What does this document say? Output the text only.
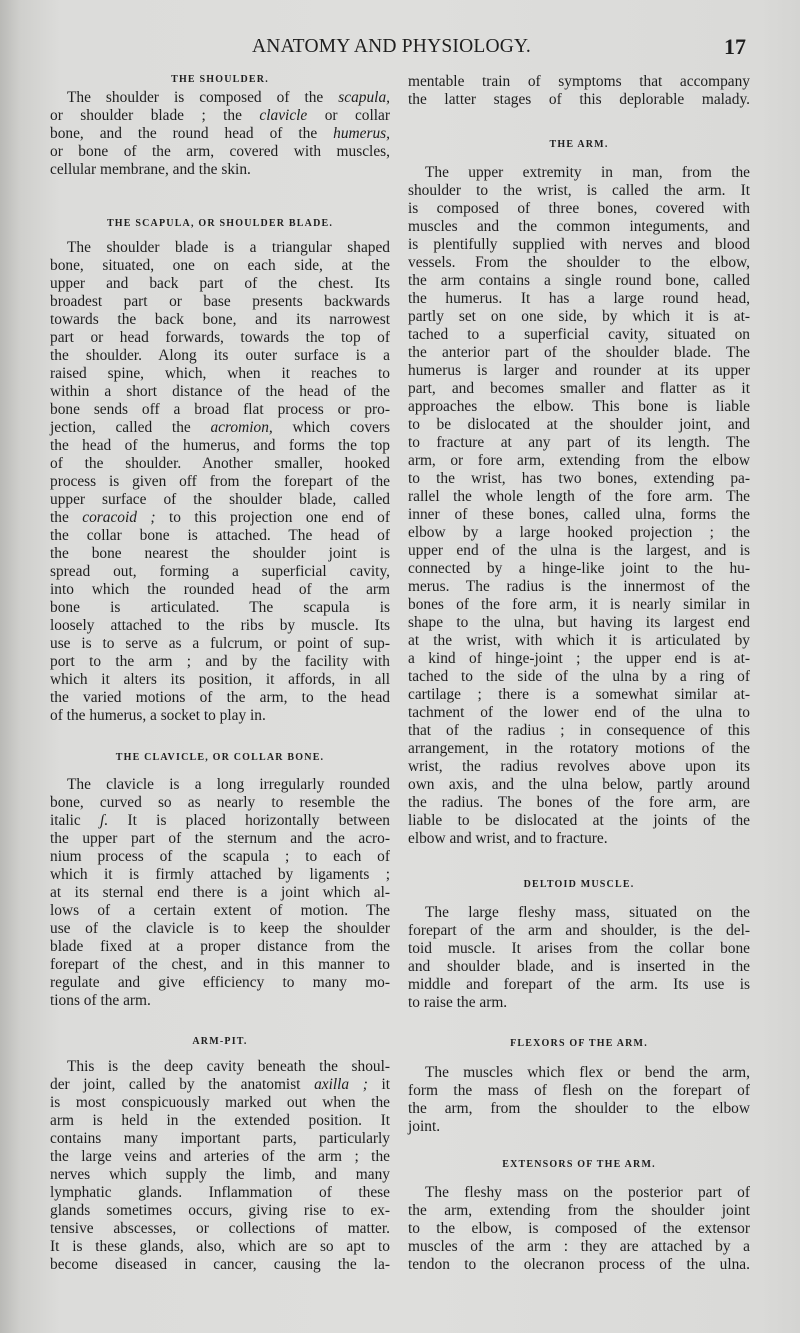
ANATOMY AND PHYSIOLOGY.	17
THE SHOULDER.
The shoulder is composed of the scapula,
or shoulder blade ; the clavicle or collar
bone, and the round head of the humerus,
or bone of the arm, covered with muscles,
cellular membrane, and the skin.
THE SCAPULA, OR SHOULDER BLADE.
The shoulder blade is a triangular shaped
bone, situated, one on each side, at the
upper and back part of the chest. Its
broadest part or base presents backwards
towards the back bone, and its narrowest
part or head forwards, towards the top of
the shoulder. Along its outer surface is a
raised spine, which, when it reaches to
within a short distance of the head of the
bone sends off a broad flat process or pro-
jection, called the acromion, which covers
the head of the humerus, and forms the top
of the shoulder. Another smaller, hooked
process is given off from the forepart of the
upper surface of the shoulder blade, called
the coracoid ; to this projection one end of
the collar bone is attached. The head of
the bone nearest the shoulder joint is
spread out, forming a superficial cavity,
into which the rounded head of the arm
bone is articulated. The scapula is
loosely attached to the ribs by muscle. Its
use is to serve as a fulcrum, or point of sup-
port to the arm ; and by the facility with
which it alters its position, it affords, in all
the varied motions of the arm, to the head
of the humerus, a socket to play in.
THE CLAVICLE, OR COLLAR BONE.
The clavicle is a long irregularly rounded
bone, curved so as nearly to resemble the
italic ʃ. It is placed horizontally between
the upper part of the sternum and the acro-
nium process of the scapula ; to each of
which it is firmly attached by ligaments ;
at its sternal end there is a joint which al-
lows of a certain extent of motion. The
use of the clavicle is to keep the shoulder
blade fixed at a proper distance from the
forepart of the chest, and in this manner to
regulate and give efficiency to many mo-
tions of the arm.
ARM-PIT.
This is the deep cavity beneath the shoul-
der joint, called by the anatomist axilla ; it
is most conspicuously marked out when the
arm is held in the extended position. It
contains many important parts, particularly
the large veins and arteries of the arm ; the
nerves which supply the limb, and many
lymphatic glands. Inflammation of these
glands sometimes occurs, giving rise to ex-
tensive abscesses, or collections of matter.
It is these glands, also, which are so apt to
become diseased in cancer, causing the la-
mentable train of symptoms that accompany
the latter stages of this deplorable malady.
THE ARM.
The upper extremity in man, from the
shoulder to the wrist, is called the arm. It
is composed of three bones, covered with
muscles and the common integuments, and
is plentifully supplied with nerves and blood
vessels. From the shoulder to the elbow,
the arm contains a single round bone, called
the humerus. It has a large round head,
partly set on one side, by which it is at-
tached to a superficial cavity, situated on
the anterior part of the shoulder blade. The
humerus is larger and rounder at its upper
part, and becomes smaller and flatter as it
approaches the elbow. This bone is liable
to be dislocated at the shoulder joint, and
to fracture at any part of its length. The
arm, or fore arm, extending from the elbow
to the wrist, has two bones, extending pa-
rallel the whole length of the fore arm. The
inner of these bones, called ulna, forms the
elbow by a large hooked projection ; the
upper end of the ulna is the largest, and is
connected by a hinge-like joint to the hu-
merus. The radius is the innermost of the
bones of the fore arm, it is nearly similar in
shape to the ulna, but having its largest end
at the wrist, with which it is articulated by
a kind of hinge-joint ; the upper end is at-
tached to the side of the ulna by a ring of
cartilage ; there is a somewhat similar at-
tachment of the lower end of the ulna to
that of the radius ; in consequence of this
arrangement, in the rotatory motions of the
wrist, the radius revolves above upon its
own axis, and the ulna below, partly around
the radius. The bones of the fore arm, are
liable to be dislocated at the joints of the
elbow and wrist, and to fracture.
DELTOID MUSCLE.
The large fleshy mass, situated on the
forepart of the arm and shoulder, is the del-
toid muscle. It arises from the collar bone
and shoulder blade, and is inserted in the
middle and forepart of the arm. Its use is
to raise the arm.
FLEXORS OF THE ARM.
The muscles which flex or bend the arm,
form the mass of flesh on the forepart of
the arm, from the shoulder to the elbow
joint.
EXTENSORS OF THE ARM.
The fleshy mass on the posterior part of
the arm, extending from the shoulder joint
to the elbow, is composed of the extensor
muscles of the arm : they are attached by a
tendon to the olecranon process of the ulna.
